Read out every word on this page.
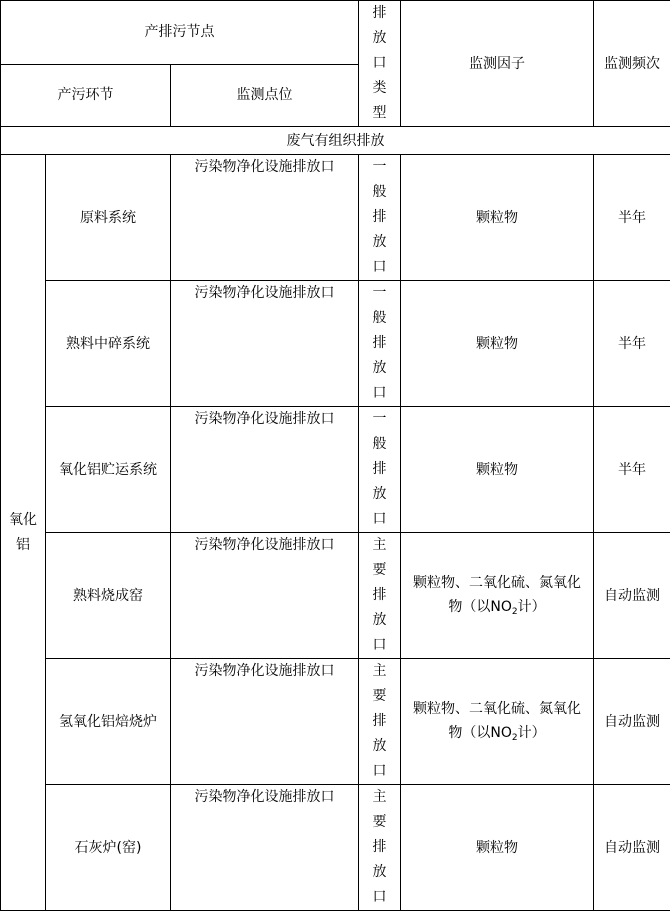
产排污节点			排放口类型	监测因子	监测频次
产污环节		监测点位			
废气有组织排放					

氧化铝	原料系统	污染物净化设施排放口	一般排放口	颗粒物	半年
	熟料中碎系统	污染物净化设施排放口	一般排放口	颗粒物	半年
	氧化铝贮运系统	污染物净化设施排放口	一般排放口	颗粒物	半年
	熟料烧成窑	污染物净化设施排放口	主要排放口	颗粒物、二氧化硫、氮氧化物（以$NO_2$计）	自动监测
	氢氧化铝焙烧炉	污染物净化设施排放口	主要排放口	颗粒物、二氧化硫、氮氧化物（以$NO_2$计）	自动监测
	石灰炉(窑)	污染物净化设施排放口	主要排放口	颗粒物	自动监测
